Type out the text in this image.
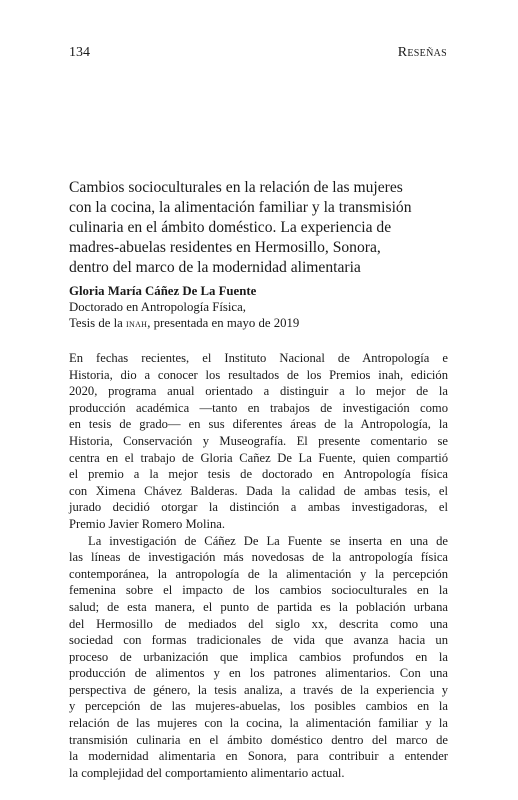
134	Reseñas
Cambios socioculturales en la relación de las mujeres
con la cocina, la alimentación familiar y la transmisión
culinaria en el ámbito doméstico. La experiencia de
madres-abuelas residentes en Hermosillo, Sonora,
dentro del marco de la modernidad alimentaria
Gloria María Cáñez De La Fuente
Doctorado en Antropología Física,
Tesis de la inah, presentada en mayo de 2019
En fechas recientes, el Instituto Nacional de Antropología e
Historia, dio a conocer los resultados de los Premios inah, edición
2020, programa anual orientado a distinguir a lo mejor de la
producción académica —tanto en trabajos de investigación como
en tesis de grado— en sus diferentes áreas de la Antropología, la
Historia, Conservación y Museografía. El presente comentario se
centra en el trabajo de Gloria Cañez De La Fuente, quien compartió
el premio a la mejor tesis de doctorado en Antropología física
con Ximena Chávez Balderas. Dada la calidad de ambas tesis, el
jurado decidió otorgar la distinción a ambas investigadoras, el
Premio Javier Romero Molina.
La investigación de Cáñez De La Fuente se inserta en una de
las líneas de investigación más novedosas de la antropología física
contemporánea, la antropología de la alimentación y la percepción
femenina sobre el impacto de los cambios socioculturales en la
salud; de esta manera, el punto de partida es la población urbana
del Hermosillo de mediados del siglo xx, descrita como una
sociedad con formas tradicionales de vida que avanza hacia un
proceso de urbanización que implica cambios profundos en la
producción de alimentos y en los patrones alimentarios. Con una
perspectiva de género, la tesis analiza, a través de la experiencia y
y percepción de las mujeres-abuelas, los posibles cambios en la
relación de las mujeres con la cocina, la alimentación familiar y la
transmisión culinaria en el ámbito doméstico dentro del marco de
la modernidad alimentaria en Sonora, para contribuir a entender
la complejidad del comportamiento alimentario actual.
